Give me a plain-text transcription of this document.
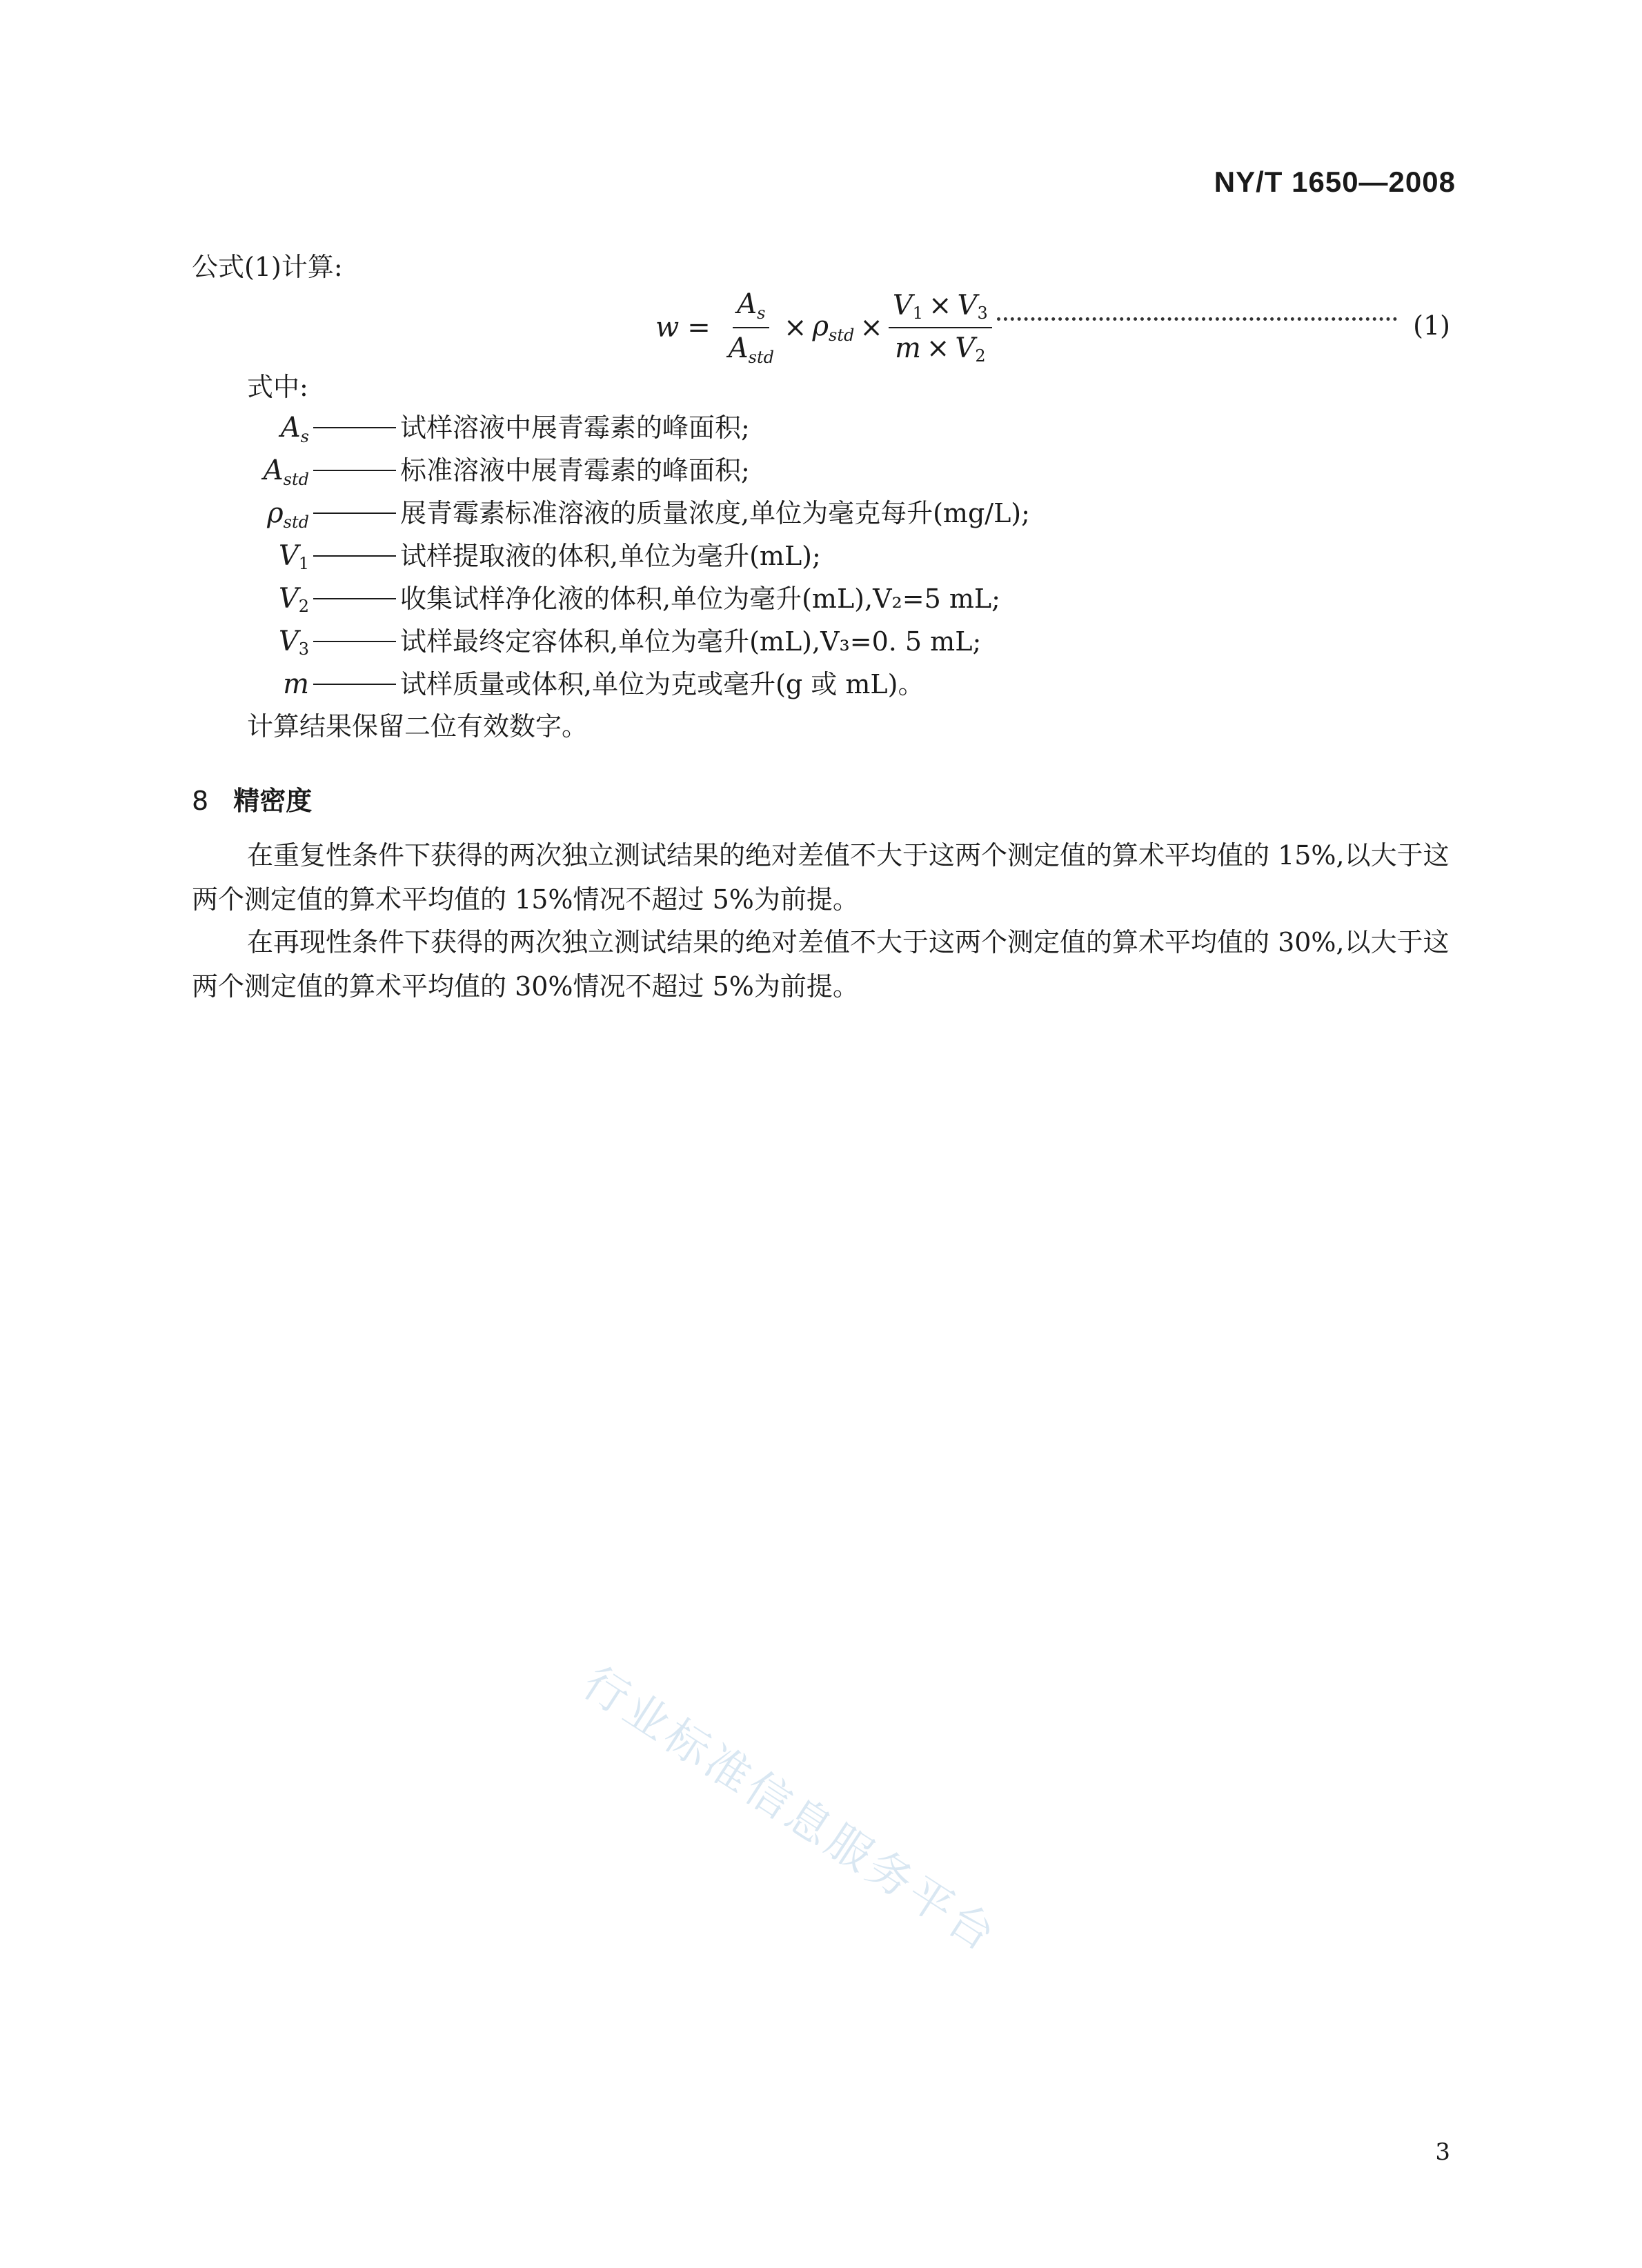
NY/T 1650—2008
公式(1)计算:
$w = \frac{A_s}{A_{std}} \times \rho_{std} \times \frac{V1 \times V3}{m \times V2}$	(1)
式中:
$A_s$	试样溶液中展青霉素的峰面积;
$A_{std}$	标准溶液中展青霉素的峰面积;
$\rho_{std}$	展青霉素标准溶液的质量浓度,单位为毫克每升(mg/L);
V1	试样提取液的体积,单位为毫升(mL);
V2	收集试样净化液的体积,单位为毫升(mL),V₂=5 mL;
V3	试样最终定容体积,单位为毫升(mL),V₃=0. 5 mL;
m	试样质量或体积,单位为克或毫升(g 或 mL)。
计算结果保留二位有效数字。
8 精密度

在重复性条件下获得的两次独立测试结果的绝对差值不大于这两个测定值的算术平均值的 15%,以大于这两个测定值的算术平均值的 15%情况不超过 5%为前提。

在再现性条件下获得的两次独立测试结果的绝对差值不大于这两个测定值的算术平均值的 30%,以大于这两个测定值的算术平均值的 30%情况不超过 5%为前提。

行业标准信息服务平台
3
